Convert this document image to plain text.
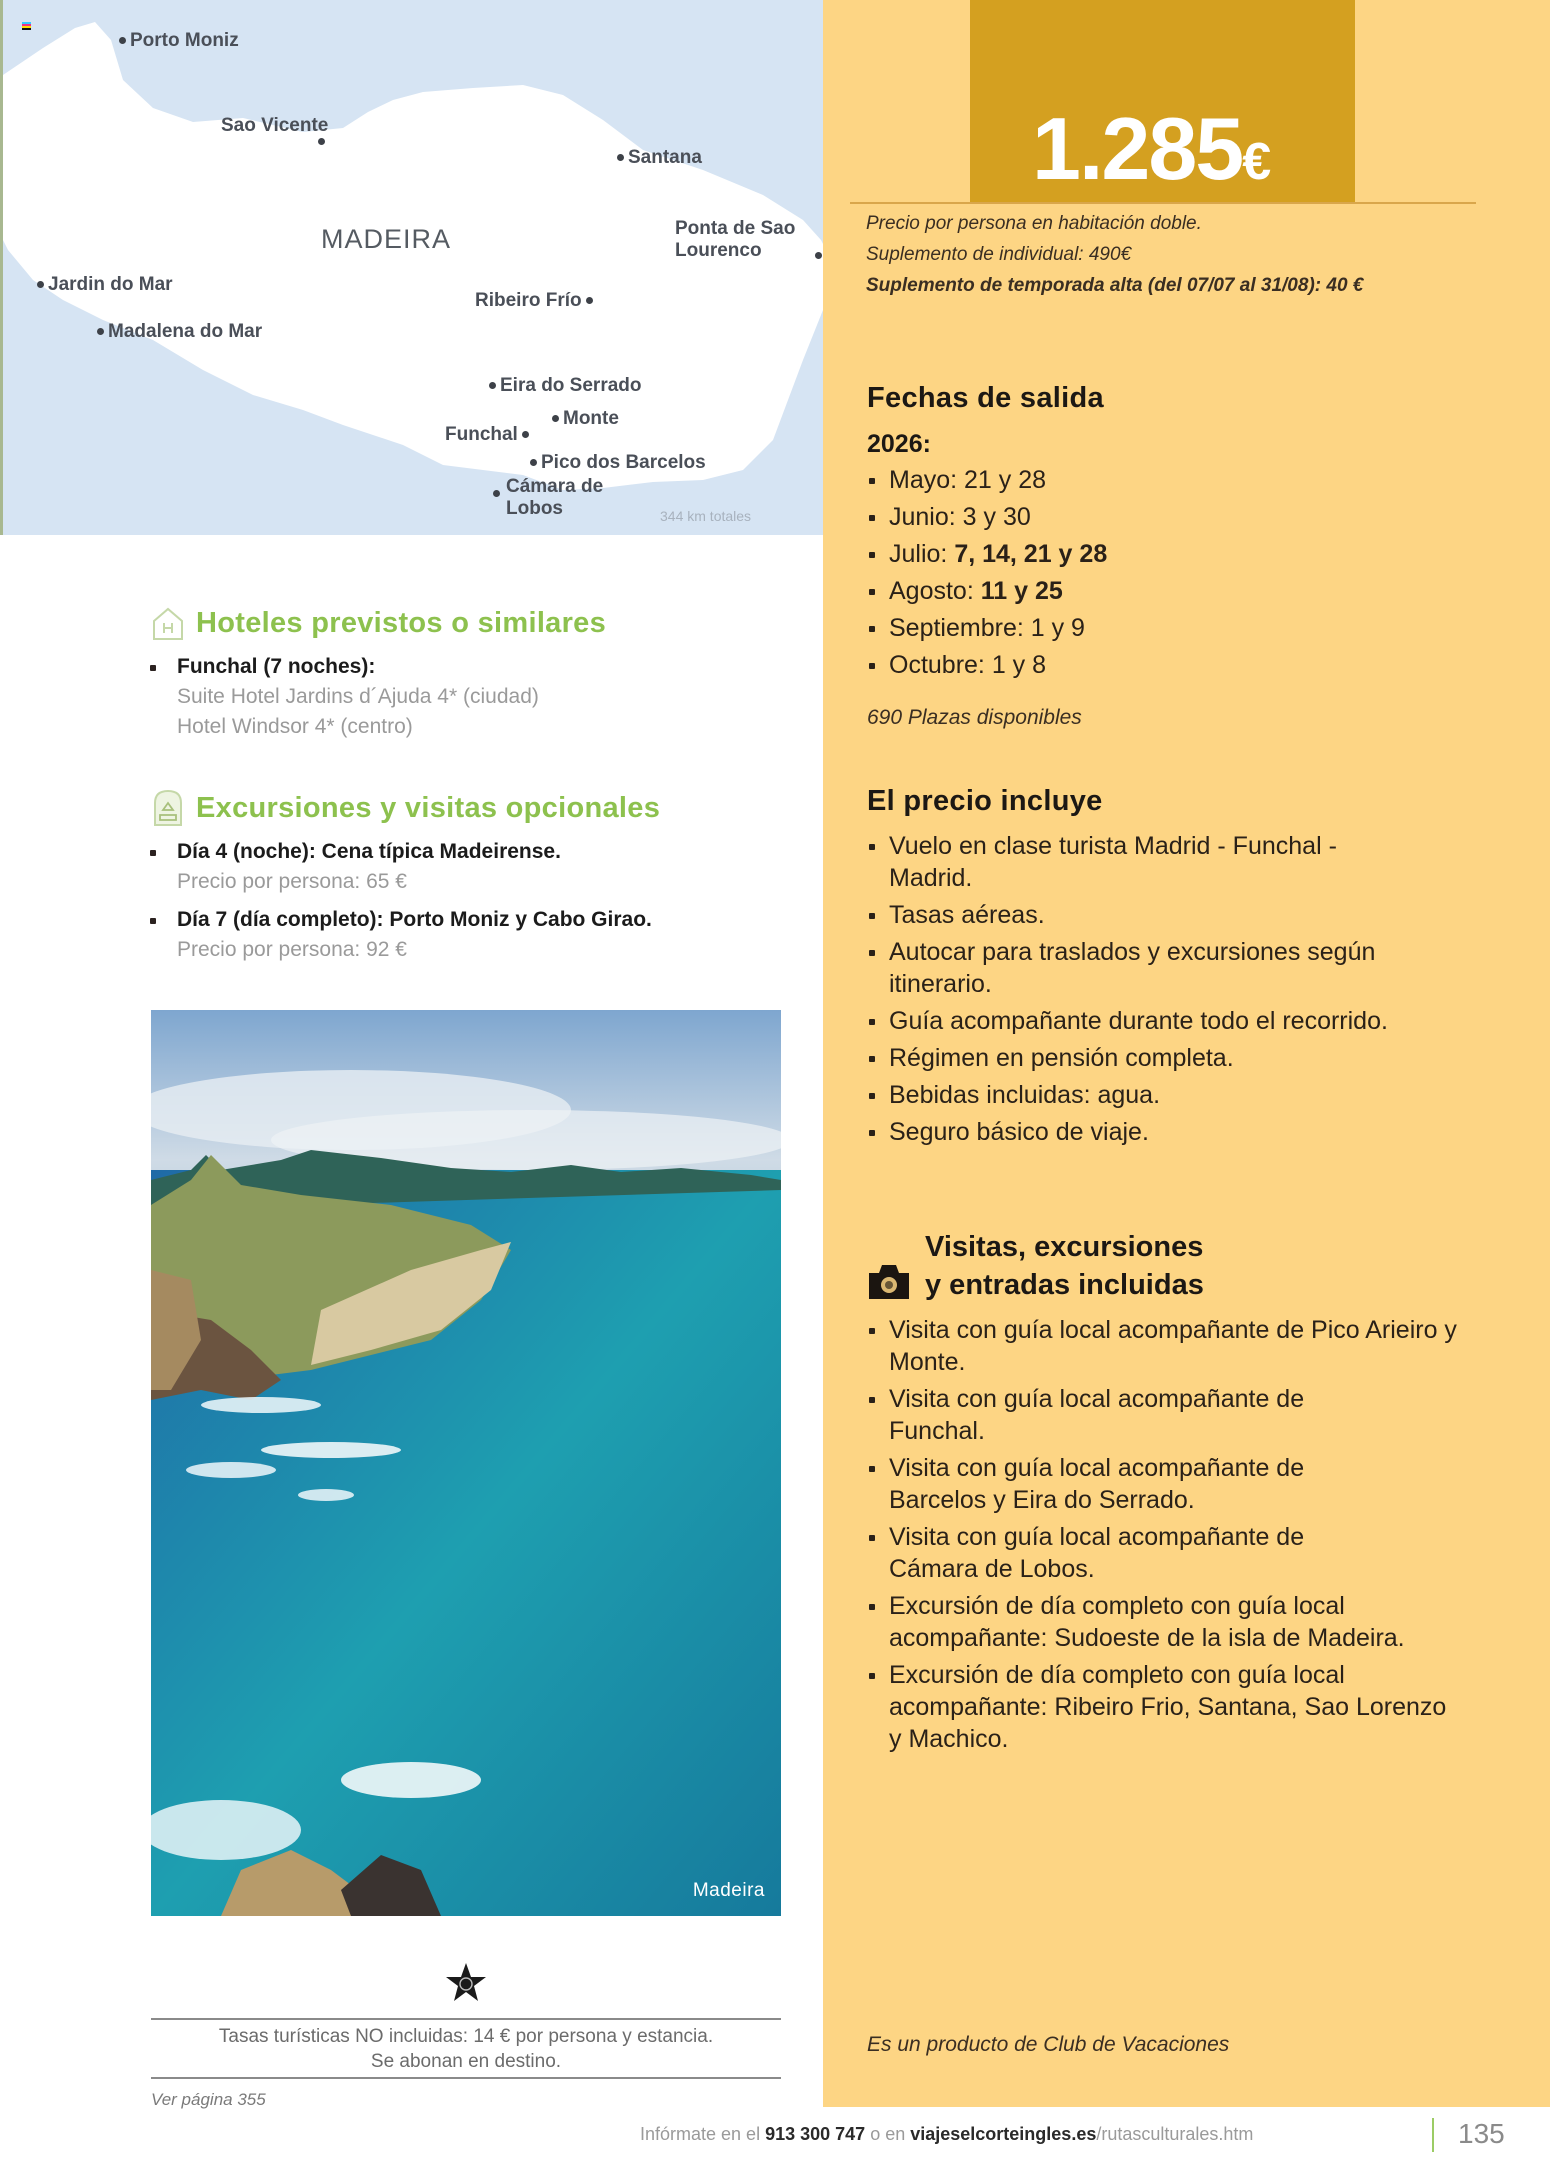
Porto Moniz
Sao Vicente
Santana
Ponta de Sao Lourenco
MADEIRA
Jardin do Mar
Madalena do Mar
Ribeiro Frío
Eira do Serrado
Monte
Funchal
Pico dos Barcelos
Cámara de Lobos	344 km totales
Hoteles previstos o similares
Funchal (7 noches):
Suite Hotel Jardins d´Ajuda 4* (ciudad)
Hotel Windsor 4* (centro)
Excursiones y visitas opcionales
Día 4 (noche): Cena típica Madeirense.
Precio por persona: 65 €
Día 7 (día completo): Porto Moniz y Cabo Girao.
Precio por persona: 92 €
Madeira
Tasas turísticas NO incluidas: 14 € por persona y estancia.
Se abonan en destino.
Ver página 355
1.285€
Precio por persona en habitación doble.
Suplemento de individual: 490€
Suplemento de temporada alta (del 07/07 al 31/08): 40 €
Fechas de salida
2026:
Mayo: 21 y 28
Junio: 3 y 30
Julio: 7, 14, 21 y 28
Agosto: 11 y 25
Septiembre: 1 y 9
Octubre: 1 y 8
690 Plazas disponibles
El precio incluye
Vuelo en clase turista Madrid - Funchal - Madrid.
Tasas aéreas.
Autocar para traslados y excursiones según itinerario.
Guía acompañante durante todo el recorrido.
Régimen en pensión completa.
Bebidas incluidas: agua.
Seguro básico de viaje.
Visitas, excursiones
y entradas incluidas
Visita con guía local acompañante de Pico Arieiro y Monte.
Visita con guía local acompañante de Funchal.
Visita con guía local acompañante de Barcelos y Eira do Serrado.
Visita con guía local acompañante de Cámara de Lobos.
Excursión de día completo con guía local acompañante: Sudoeste de la isla de Madeira.
Excursión de día completo con guía local acompañante: Ribeiro Frio, Santana, Sao Lorenzo y Machico.
Es un producto de Club de Vacaciones
Infórmate en el 913 300 747 o en viajeselcorteingles.es/rutasculturales.htm	135
